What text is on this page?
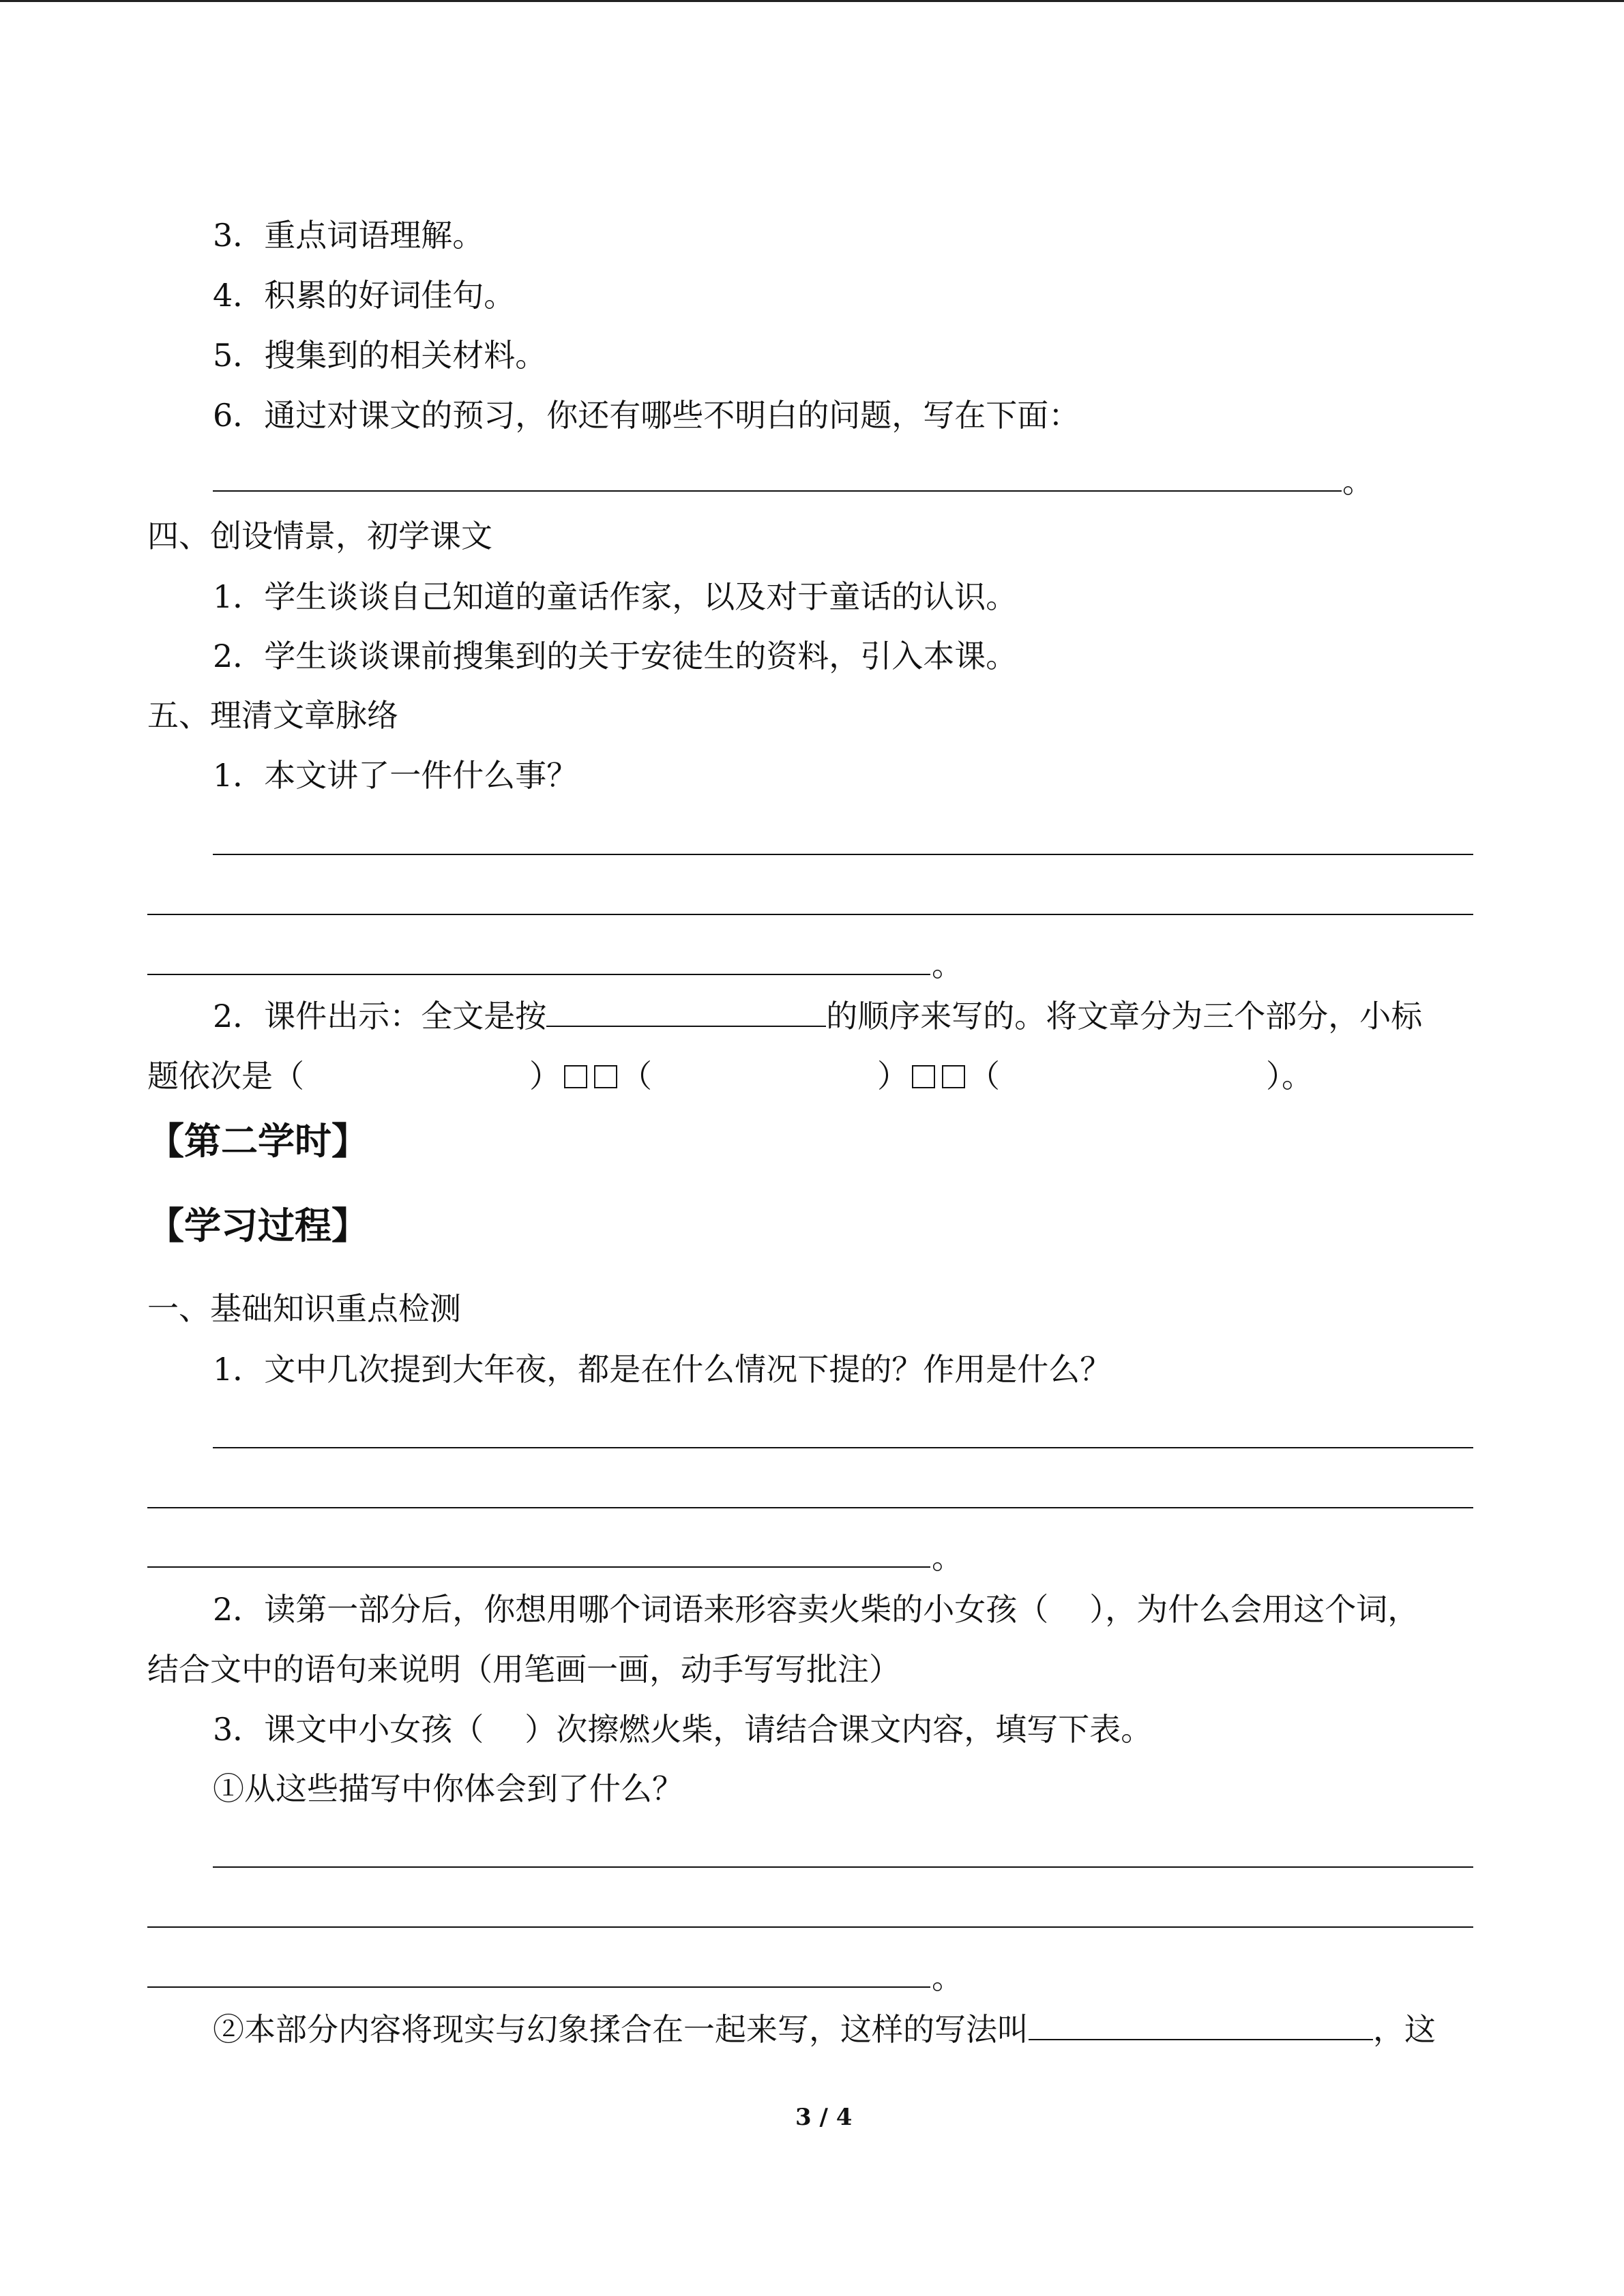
3．重点词语理解。
4．积累的好词佳句。
5．搜集到的相关材料。
6．通过对课文的预习，你还有哪些不明白的问题，写在下面：
。
四、创设情景，初学课文
1．学生谈谈自己知道的童话作家，以及对于童话的认识。
2．学生谈谈课前搜集到的关于安徒生的资料，引入本课。
五、理清文章脉络
1．本文讲了一件什么事？
。
2．课件出示：全文是按	的顺序来写的。将文章分为三个部分，小标
题依次是（	） （	） （	）。
【第二学时】
【学习过程】
一、基础知识重点检测
1．文中几次提到大年夜，都是在什么情况下提的？作用是什么？
。
2．读第一部分后，你想用哪个词语来形容卖火柴的小女孩（ ），为什么会用这个词，
结合文中的语句来说明（用笔画一画，动手写写批注）
3．课文中小女孩（ ）次擦燃火柴，请结合课文内容，填写下表。
①从这些描写中你体会到了什么？
。
②本部分内容将现实与幻象揉合在一起来写，这样的写法叫	，这
3 / 4
